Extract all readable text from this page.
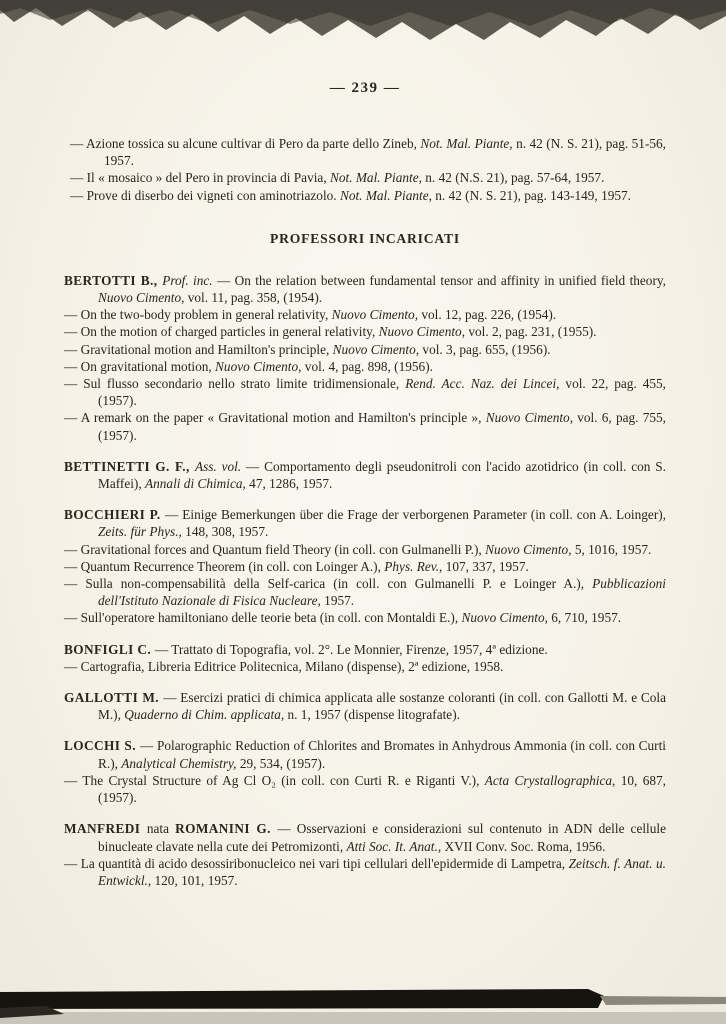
— 239 —

— Azione tossica su alcune cultivar di Pero da parte dello Zineb, Not. Mal. Piante, n. 42 (N. S. 21), pag. 51-56, 1957.

— Il « mosaico » del Pero in provincia di Pavia, Not. Mal. Piante, n. 42 (N.S. 21), pag. 57-64, 1957.

— Prove di diserbo dei vigneti con aminotriazolo. Not. Mal. Piante, n. 42 (N. S. 21), pag. 143-149, 1957.

PROFESSORI INCARICATI

BERTOTTI B., Prof. inc. — On the relation between fundamental tensor and affinity in unified field theory, Nuovo Cimento, vol. 11, pag. 358, (1954).

— On the two-body problem in general relativity, Nuovo Cimento, vol. 12, pag. 226, (1954).

— On the motion of charged particles in general relativity, Nuovo Cimento, vol. 2, pag. 231, (1955).

— Gravitational motion and Hamilton's principle, Nuovo Cimento, vol. 3, pag. 655, (1956).

— On gravitational motion, Nuovo Cimento, vol. 4, pag. 898, (1956).

— Sul flusso secondario nello strato limite tridimensionale, Rend. Acc. Naz. dei Lincei, vol. 22, pag. 455, (1957).

— A remark on the paper « Gravitational motion and Hamilton's principle », Nuovo Cimento, vol. 6, pag. 755, (1957).

BETTINETTI G. F., Ass. vol. — Comportamento degli pseudonitroli con l'acido azotidrico (in coll. con S. Maffei), Annali di Chimica, 47, 1286, 1957.

BOCCHIERI P. — Einige Bemerkungen über die Frage der verborgenen Parameter (in coll. con A. Loinger), Zeits. für Phys., 148, 308, 1957.

— Gravitational forces and Quantum field Theory (in coll. con Gulmanelli P.), Nuovo Cimento, 5, 1016, 1957.

— Quantum Recurrence Theorem (in coll. con Loinger A.), Phys. Rev., 107, 337, 1957.

— Sulla non-compensabilità della Self-carica (in coll. con Gulmanelli P. e Loinger A.), Pubblicazioni dell'Istituto Nazionale di Fisica Nucleare, 1957.

— Sull'operatore hamiltoniano delle teorie beta (in coll. con Montaldi E.), Nuovo Cimento, 6, 710, 1957.

BONFIGLI C. — Trattato di Topografia, vol. 2°. Le Monnier, Firenze, 1957, 4ª edizione.

— Cartografia, Libreria Editrice Politecnica, Milano (dispense), 2ª edizione, 1958.

GALLOTTI M. — Esercizi pratici di chimica applicata alle sostanze coloranti (in coll. con Gallotti M. e Cola M.), Quaderno di Chim. applicata, n. 1, 1957 (dispense litografate).

LOCCHI S. — Polarographic Reduction of Chlorites and Bromates in Anhydrous Ammonia (in coll. con Curti R.), Analytical Chemistry, 29, 534, (1957).

— The Crystal Structure of Ag Cl O₂ (in coll. con Curti R. e Riganti V.), Acta Crystallographica, 10, 687, (1957).

MANFREDI nata ROMANINI G. — Osservazioni e considerazioni sul contenuto in ADN delle cellule binucleate clavate nella cute dei Petromizonti, Atti Soc. It. Anat., XVII Conv. Soc. Roma, 1956.

— La quantità di acido desossiribonucleico nei vari tipi cellulari dell'epidermide di Lampetra, Zeitsch. f. Anat. u. Entwickl., 120, 101, 1957.
